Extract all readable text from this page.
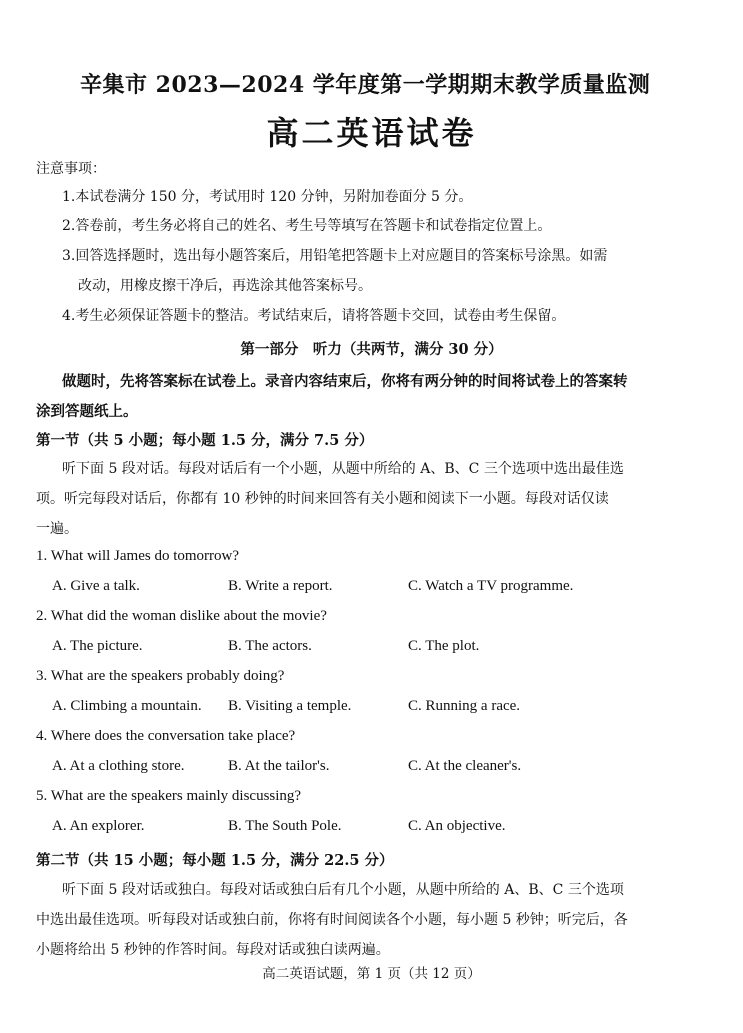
辛集市 2023—2024 学年度第一学期期末教学质量监测
高二英语试卷
注意事项：
1.本试卷满分 150 分，考试用时 120 分钟，另附加卷面分 5 分。
2.答卷前，考生务必将自己的姓名、考生号等填写在答题卡和试卷指定位置上。
3.回答选择题时，选出每小题答案后，用铅笔把答题卡上对应题目的答案标号涂黑。如需
改动，用橡皮擦干净后，再选涂其他答案标号。
4.考生必须保证答题卡的整洁。考试结束后，请将答题卡交回，试卷由考生保留。
第一部分　听力（共两节，满分 30 分）
做题时，先将答案标在试卷上。录音内容结束后，你将有两分钟的时间将试卷上的答案转
涂到答题纸上。
第一节（共 5 小题；每小题 1.5 分，满分 7.5 分）
听下面 5 段对话。每段对话后有一个小题，从题中所给的 A、B、C 三个选项中选出最佳选
项。听完每段对话后，你都有 10 秒钟的时间来回答有关小题和阅读下一小题。每段对话仅读
一遍。
1. What will James do tomorrow?
A. Give a talk.	B. Write a report.	C. Watch a TV programme.
2. What did the woman dislike about the movie?
A. The picture.	B. The actors.	C. The plot.
3. What are the speakers probably doing?
A. Climbing a mountain. B. Visiting a temple.	C. Running a race.
4. Where does the conversation take place?
A. At a clothing store.	B. At the tailor's.	C. At the cleaner's.
5. What are the speakers mainly discussing?
A. An explorer.	B. The South Pole.	C. An objective.
第二节（共 15 小题；每小题 1.5 分，满分 22.5 分）
听下面 5 段对话或独白。每段对话或独白后有几个小题，从题中所给的 A、B、C 三个选项
中选出最佳选项。听每段对话或独白前，你将有时间阅读各个小题，每小题 5 秒钟；听完后，各
小题将给出 5 秒钟的作答时间。每段对话或独白读两遍。
高二英语试题，第 1 页（共 12 页）
